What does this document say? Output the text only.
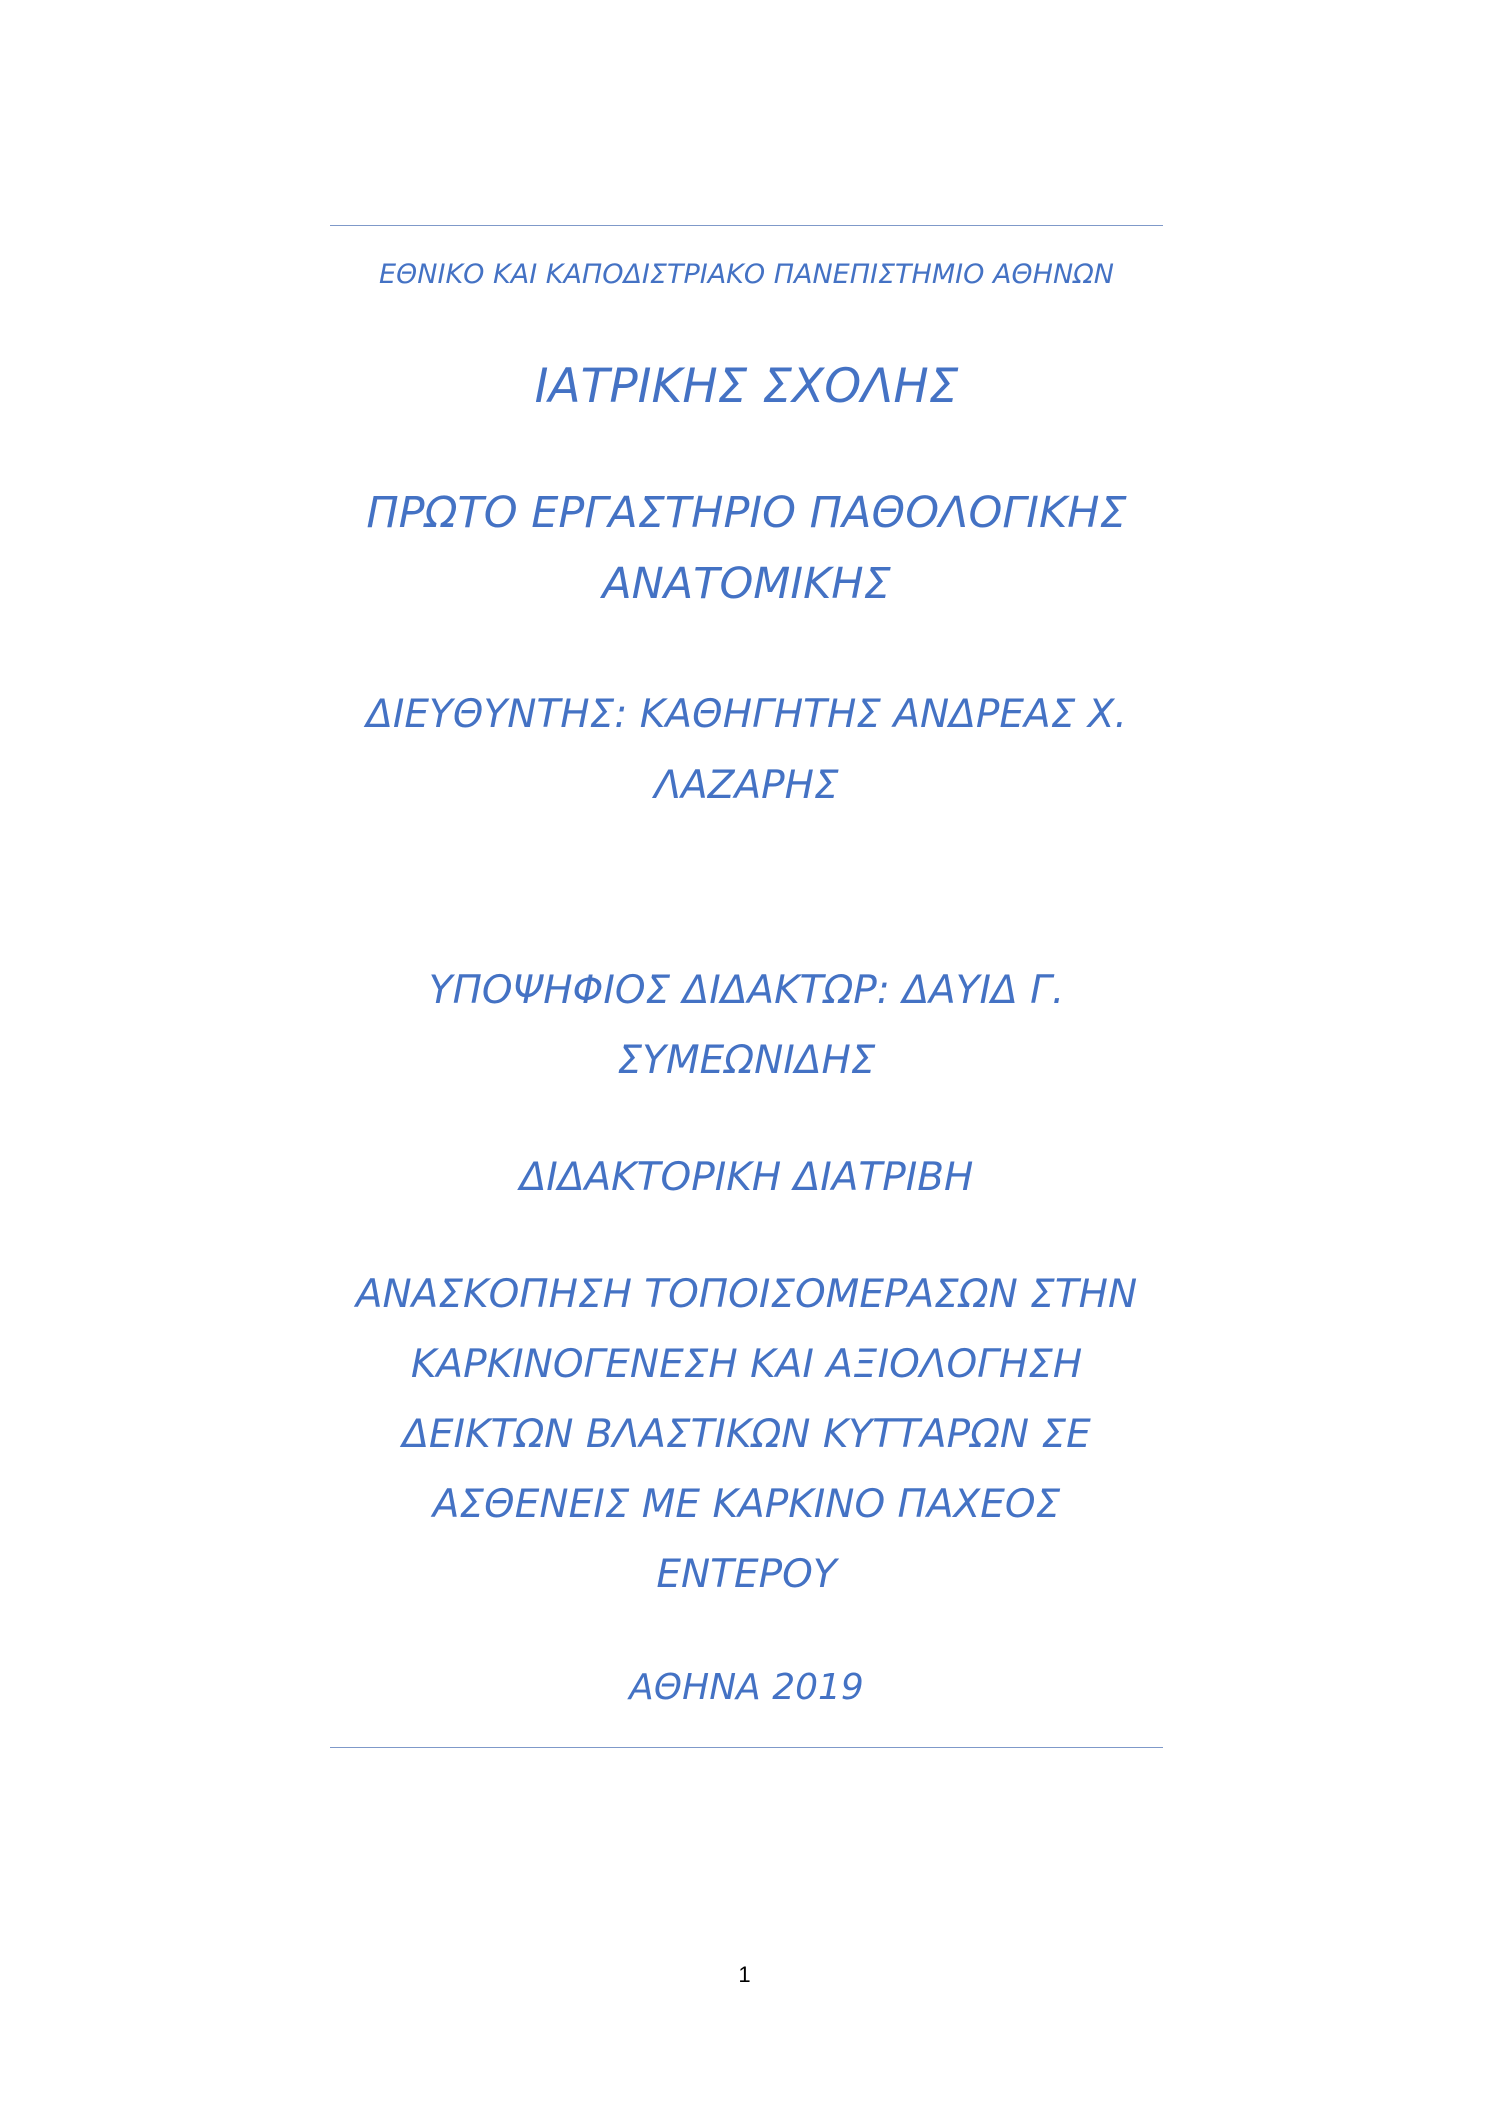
ΕΘΝΙΚΟ ΚΑΙ ΚΑΠΟΔΙΣΤΡΙΑΚΟ ΠΑΝΕΠΙΣΤΗΜΙΟ ΑΘΗΝΩΝ
ΙΑΤΡΙΚΗΣ ΣΧΟΛΗΣ
ΠΡΩΤΟ ΕΡΓΑΣΤΗΡΙΟ ΠΑΘΟΛΟΓΙΚΗΣ
ΑΝΑΤΟΜΙΚΗΣ
ΔΙΕΥΘΥΝΤΗΣ: ΚΑΘΗΓΗΤΗΣ ΑΝΔΡΕΑΣ Χ.
ΛΑΖΑΡΗΣ
ΥΠΟΨΗΦΙΟΣ ΔΙΔΑΚΤΩΡ: ΔΑΥΙΔ Γ.
ΣΥΜΕΩΝΙΔΗΣ
ΔΙΔΑΚΤΟΡΙΚΗ ΔΙΑΤΡΙΒΗ
ΑΝΑΣΚΟΠΗΣΗ ΤΟΠΟΙΣΟΜΕΡΑΣΩΝ ΣΤΗΝ
ΚΑΡΚΙΝΟΓΕΝΕΣΗ ΚΑΙ ΑΞΙΟΛΟΓΗΣΗ
ΔΕΙΚΤΩΝ ΒΛΑΣΤΙΚΩΝ ΚΥΤΤΑΡΩΝ ΣΕ
ΑΣΘΕΝΕΙΣ ΜΕ ΚΑΡΚΙΝΟ ΠΑΧΕΟΣ
ΕΝΤΕΡΟΥ
ΑΘΗΝΑ 2019
1
